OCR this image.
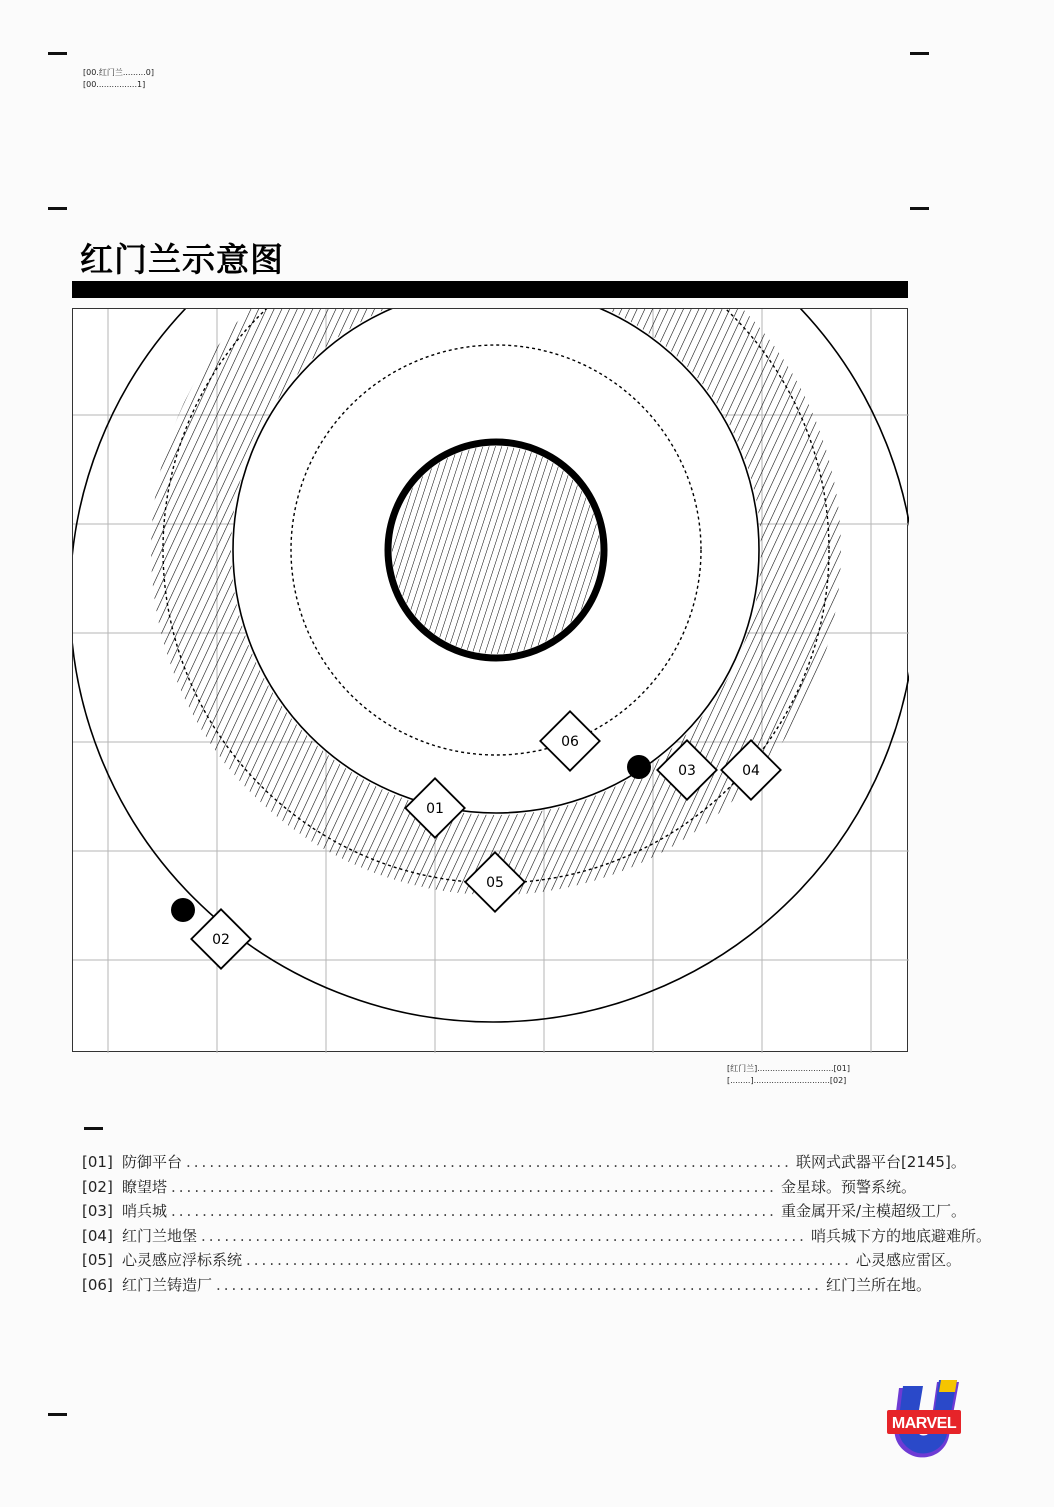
[00.红门兰.........0]
[00................1]
红门兰示意图
01
02
03	04
05
06
[红门兰]..............................[01]
[........]..............................[02]
[01] 防御平台 .............................................................................. 联网式武器平台[2145]。
[02] 瞭望塔 .............................................................................. 金星球。预警系统。
[03] 哨兵城 .............................................................................. 重金属开采/主模超级工厂。
[04] 红门兰地堡 .............................................................................. 哨兵城下方的地底避难所。
[05] 心灵感应浮标系统 .............................................................................. 心灵感应雷区。
[06] 红门兰铸造厂 .............................................................................. 红门兰所在地。
MARVEL
